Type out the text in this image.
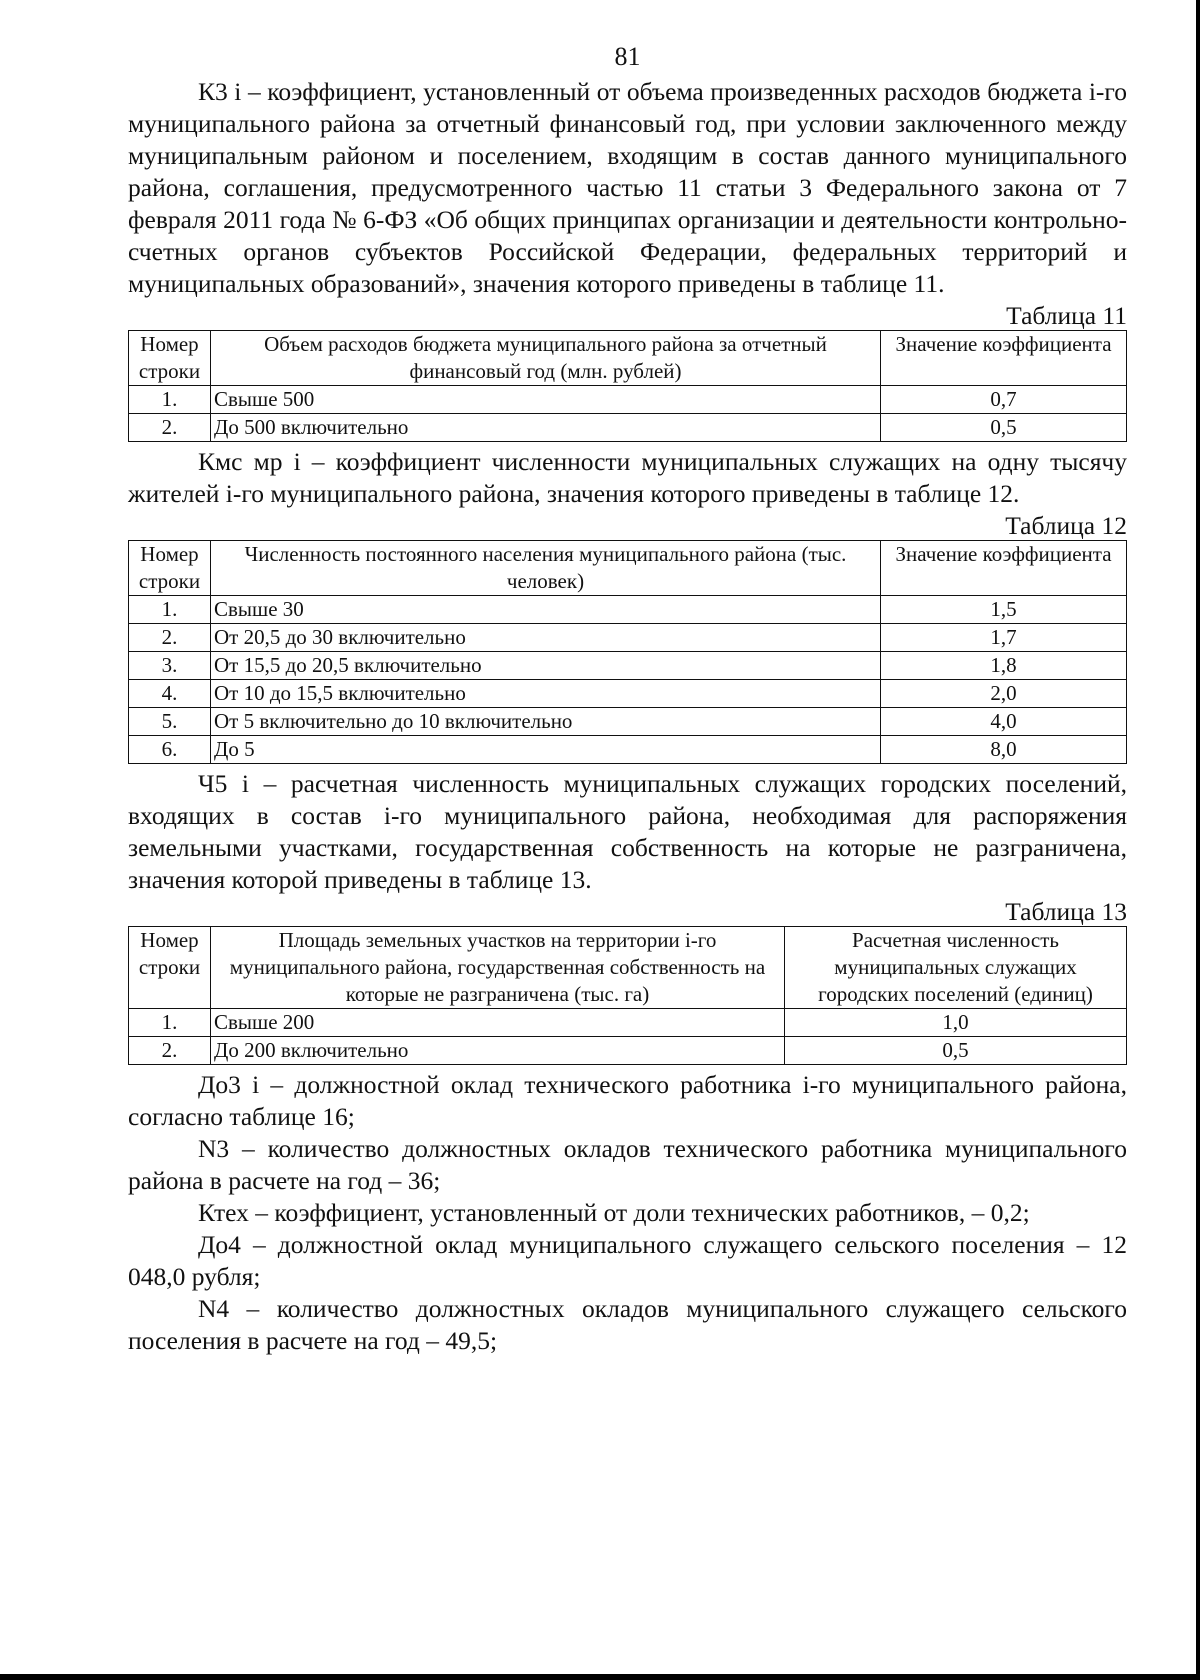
81

К3 i – коэффициент, установленный от объема произведенных расходов бюджета i-го муниципального района за отчетный финансовый год, при условии заключенного между муниципальным районом и поселением, входящим в состав данного муниципального района, соглашения, предусмотренного частью 11 статьи 3 Федерального закона от 7 февраля 2011 года № 6-ФЗ «Об общих принципах организации и деятельности контрольно-счетных органов субъектов Российской Федерации, федеральных территорий и муниципальных образований», значения которого приведены в таблице 11.

Таблица 11
Номер строки	Объем расходов бюджета муниципального района за отчетный финансовый год (млн. рублей)	Значение коэффициента
1.	Свыше 500	0,7
2.	До 500 включительно	0,5

Кмс мр i – коэффициент численности муниципальных служащих на одну тысячу жителей i-го муниципального района, значения которого приведены в таблице 12.

Таблица 12
Номер строки	Численность постоянного населения муниципального района (тыс. человек)	Значение коэффициента
1.	Свыше 30	1,5
2.	От 20,5 до 30 включительно	1,7
3.	От 15,5 до 20,5 включительно	1,8
4.	От 10 до 15,5 включительно	2,0
5.	От 5 включительно до 10 включительно	4,0
6.	До 5	8,0

Ч5 i – расчетная численность муниципальных служащих городских поселений, входящих в состав i-го муниципального района, необходимая для распоряжения земельными участками, государственная собственность на которые не разграничена, значения которой приведены в таблице 13.

Таблица 13
Номер строки	Площадь земельных участков на территории i-го муниципального района, государственная собственность на которые не разграничена (тыс. га)	Расчетная численность муниципальных служащих городских поселений (единиц)
1.	Свыше 200	1,0
2.	До 200 включительно	0,5

До3 i – должностной оклад технического работника i-го муниципального района, согласно таблице 16;

N3 – количество должностных окладов технического работника муниципального района в расчете на год – 36;

Ктех – коэффициент, установленный от доли технических работников, – 0,2;

До4 – должностной оклад муниципального служащего сельского поселения – 12 048,0 рубля;

N4 – количество должностных окладов муниципального служащего сельского поселения в расчете на год – 49,5;
